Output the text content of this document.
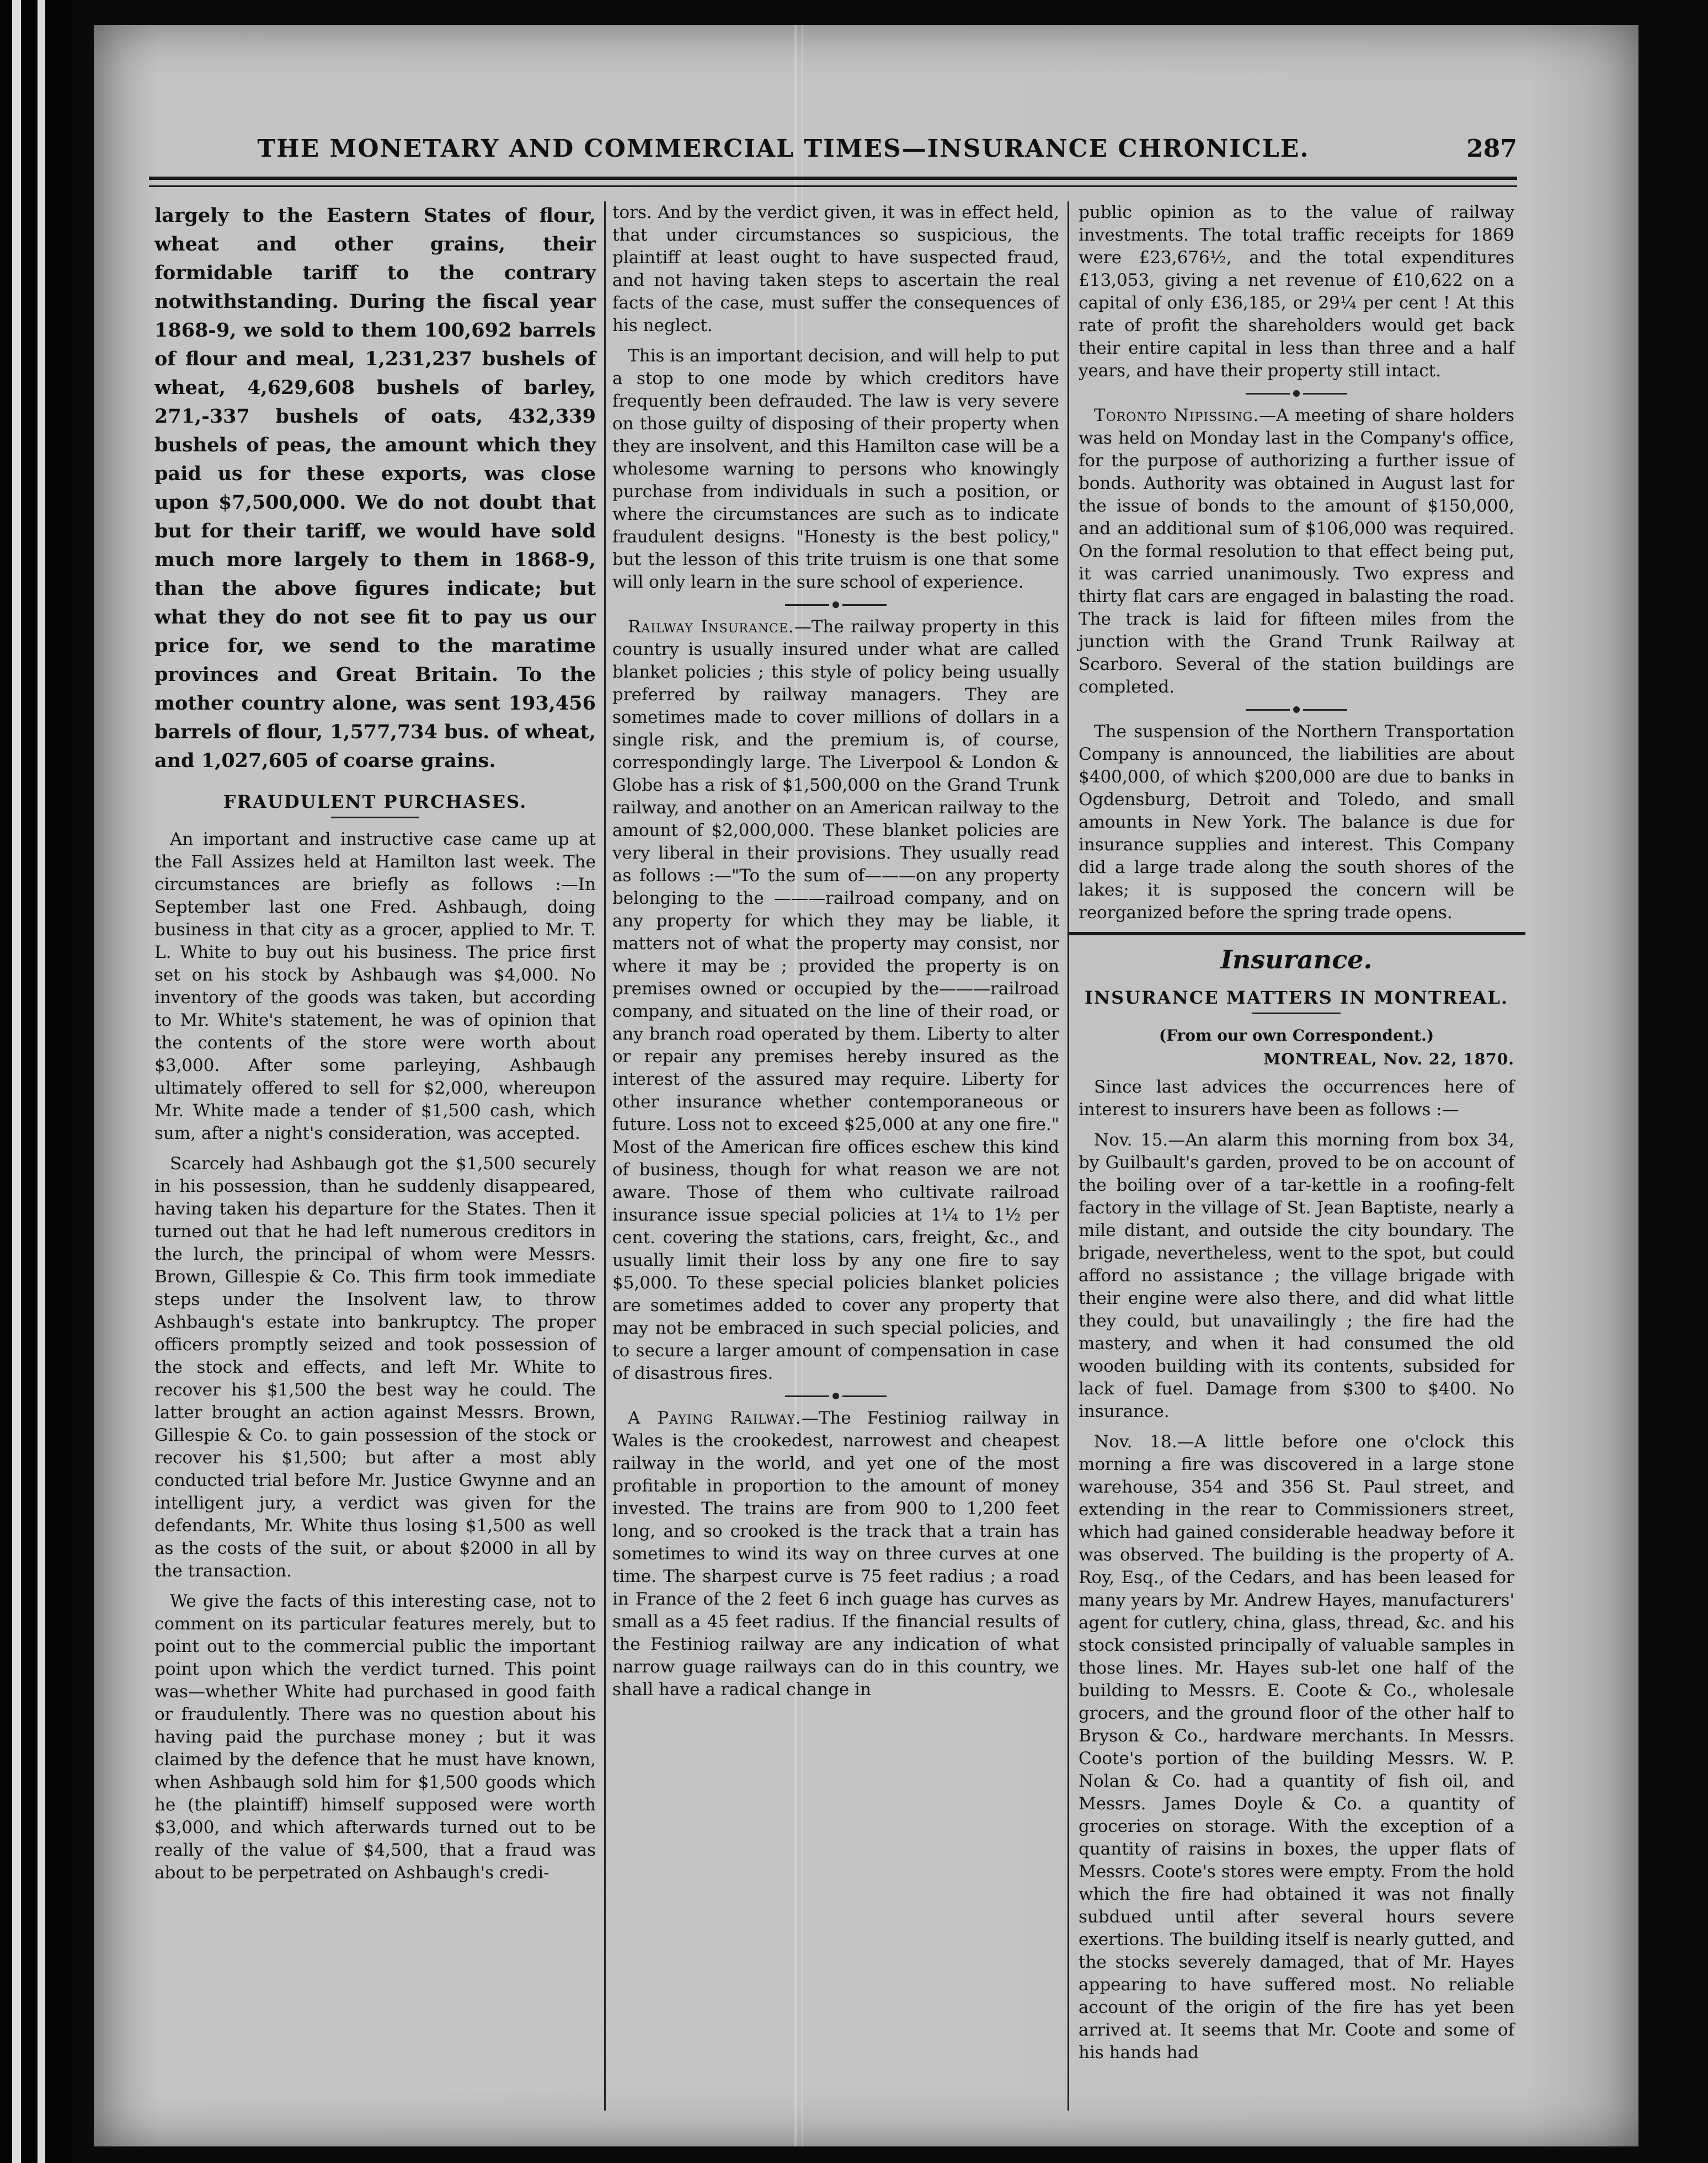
THE MONETARY AND COMMERCIAL TIMES—INSURANCE CHRONICLE.	287

largely to the Eastern States of flour, wheat and other grains, their formidable tariff to the contrary notwithstanding. During the fiscal year 1868-9, we sold to them 100,692 barrels of flour and meal, 1,231,237 bushels of wheat, 4,629,608 bushels of barley, 271,-337 bushels of oats, 432,339 bushels of peas, the amount which they paid us for these exports, was close upon $7,500,000. We do not doubt that but for their tariff, we would have sold much more largely to them in 1868-9, than the above figures indicate; but what they do not see fit to pay us our price for, we send to the maratime provinces and Great Britain. To the mother country alone, was sent 193,456 barrels of flour, 1,577,734 bus. of wheat, and 1,027,605 of coarse grains.

FRAUDULENT PURCHASES.

An important and instructive case came up at the Fall Assizes held at Hamilton last week. The circumstances are briefly as follows :—In September last one Fred. Ashbaugh, doing business in that city as a grocer, applied to Mr. T. L. White to buy out his business. The price first set on his stock by Ashbaugh was $4,000. No inventory of the goods was taken, but according to Mr. White's statement, he was of opinion that the contents of the store were worth about $3,000. After some parleying, Ashbaugh ultimately offered to sell for $2,000, whereupon Mr. White made a tender of $1,500 cash, which sum, after a night's consideration, was accepted.

Scarcely had Ashbaugh got the $1,500 securely in his possession, than he suddenly disappeared, having taken his departure for the States. Then it turned out that he had left numerous creditors in the lurch, the principal of whom were Messrs. Brown, Gillespie & Co. This firm took immediate steps under the Insolvent law, to throw Ashbaugh's estate into bankruptcy. The proper officers promptly seized and took possession of the stock and effects, and left Mr. White to recover his $1,500 the best way he could. The latter brought an action against Messrs. Brown, Gillespie & Co. to gain possession of the stock or recover his $1,500; but after a most ably conducted trial before Mr. Justice Gwynne and an intelligent jury, a verdict was given for the defendants, Mr. White thus losing $1,500 as well as the costs of the suit, or about $2000 in all by the transaction.

We give the facts of this interesting case, not to comment on its particular features merely, but to point out to the commercial public the important point upon which the verdict turned. This point was—whether White had purchased in good faith or fraudulently. There was no question about his having paid the purchase money ; but it was claimed by the defence that he must have known, when Ashbaugh sold him for $1,500 goods which he (the plaintiff) himself supposed were worth $3,000, and which afterwards turned out to be really of the value of $4,500, that a fraud was about to be perpetrated on Ashbaugh's credi-

tors. And by the verdict given, it was in effect held, that under circumstances so suspicious, the plaintiff at least ought to have suspected fraud, and not having taken steps to ascertain the real facts of the case, must suffer the consequences of his neglect.

This is an important decision, and will help to put a stop to one mode by which creditors have frequently been defrauded. The law is very severe on those guilty of disposing of their property when they are insolvent, and this Hamilton case will be a wholesome warning to persons who knowingly purchase from individuals in such a position, or where the circumstances are such as to indicate fraudulent designs. "Honesty is the best policy," but the lesson of this trite truism is one that some will only learn in the sure school of experience.

Railway Insurance.—The railway property in this country is usually insured under what are called blanket policies ; this style of policy being usually preferred by railway managers. They are sometimes made to cover millions of dollars in a single risk, and the premium is, of course, correspondingly large. The Liverpool & London & Globe has a risk of $1,500,000 on the Grand Trunk railway, and another on an American railway to the amount of $2,000,000. These blanket policies are very liberal in their provisions. They usually read as follows :—"To the sum of———on any property belonging to the ———railroad company, and on any property for which they may be liable, it matters not of what the property may consist, nor where it may be ; provided the property is on premises owned or occupied by the———railroad company, and situated on the line of their road, or any branch road operated by them. Liberty to alter or repair any premises hereby insured as the interest of the assured may require. Liberty for other insurance whether contemporaneous or future. Loss not to exceed $25,000 at any one fire." Most of the American fire offices eschew this kind of business, though for what reason we are not aware. Those of them who cultivate railroad insurance issue special policies at 1¼ to 1½ per cent. covering the stations, cars, freight, &c., and usually limit their loss by any one fire to say $5,000. To these special policies blanket policies are sometimes added to cover any property that may not be embraced in such special policies, and to secure a larger amount of compensation in case of disastrous fires.

A Paying Railway.—The Festiniog railway in Wales is the crookedest, narrowest and cheapest railway in the world, and yet one of the most profitable in proportion to the amount of money invested. The trains are from 900 to 1,200 feet long, and so crooked is the track that a train has sometimes to wind its way on three curves at one time. The sharpest curve is 75 feet radius ; a road in France of the 2 feet 6 inch guage has curves as small as a 45 feet radius. If the financial results of the Festiniog railway are any indication of what narrow guage railways can do in this country, we shall have a radical change in

public opinion as to the value of railway investments. The total traffic receipts for 1869 were £23,676½, and the total expenditures £13,053, giving a net revenue of £10,622 on a capital of only £36,185, or 29¼ per cent ! At this rate of profit the shareholders would get back their entire capital in less than three and a half years, and have their property still intact.

Toronto Nipissing.—A meeting of share holders was held on Monday last in the Company's office, for the purpose of authorizing a further issue of bonds. Authority was obtained in August last for the issue of bonds to the amount of $150,000, and an additional sum of $106,000 was required. On the formal resolution to that effect being put, it was carried unanimously. Two express and thirty flat cars are engaged in balasting the road. The track is laid for fifteen miles from the junction with the Grand Trunk Railway at Scarboro. Several of the station buildings are completed.

The suspension of the Northern Transportation Company is announced, the liabilities are about $400,000, of which $200,000 are due to banks in Ogdensburg, Detroit and Toledo, and small amounts in New York. The balance is due for insurance supplies and interest. This Company did a large trade along the south shores of the lakes; it is supposed the concern will be reorganized before the spring trade opens.

Insurance.
INSURANCE MATTERS IN MONTREAL.
(From our own Correspondent.)
MONTREAL, Nov. 22, 1870.

Since last advices the occurrences here of interest to insurers have been as follows :—

Nov. 15.—An alarm this morning from box 34, by Guilbault's garden, proved to be on account of the boiling over of a tar-kettle in a roofing-felt factory in the village of St. Jean Baptiste, nearly a mile distant, and outside the city boundary. The brigade, nevertheless, went to the spot, but could afford no assistance ; the village brigade with their engine were also there, and did what little they could, but unavailingly ; the fire had the mastery, and when it had consumed the old wooden building with its contents, subsided for lack of fuel. Damage from $300 to $400. No insurance.

Nov. 18.—A little before one o'clock this morning a fire was discovered in a large stone warehouse, 354 and 356 St. Paul street, and extending in the rear to Commissioners street, which had gained considerable headway before it was observed. The building is the property of A. Roy, Esq., of the Cedars, and has been leased for many years by Mr. Andrew Hayes, manufacturers' agent for cutlery, china, glass, thread, &c. and his stock consisted principally of valuable samples in those lines. Mr. Hayes sub-let one half of the building to Messrs. E. Coote & Co., wholesale grocers, and the ground floor of the other half to Bryson & Co., hardware merchants. In Messrs. Coote's portion of the building Messrs. W. P. Nolan & Co. had a quantity of fish oil, and Messrs. James Doyle & Co. a quantity of groceries on storage. With the exception of a quantity of raisins in boxes, the upper flats of Messrs. Coote's stores were empty. From the hold which the fire had obtained it was not finally subdued until after several hours severe exertions. The building itself is nearly gutted, and the stocks severely damaged, that of Mr. Hayes appearing to have suffered most. No reliable account of the origin of the fire has yet been arrived at. It seems that Mr. Coote and some of his hands had
